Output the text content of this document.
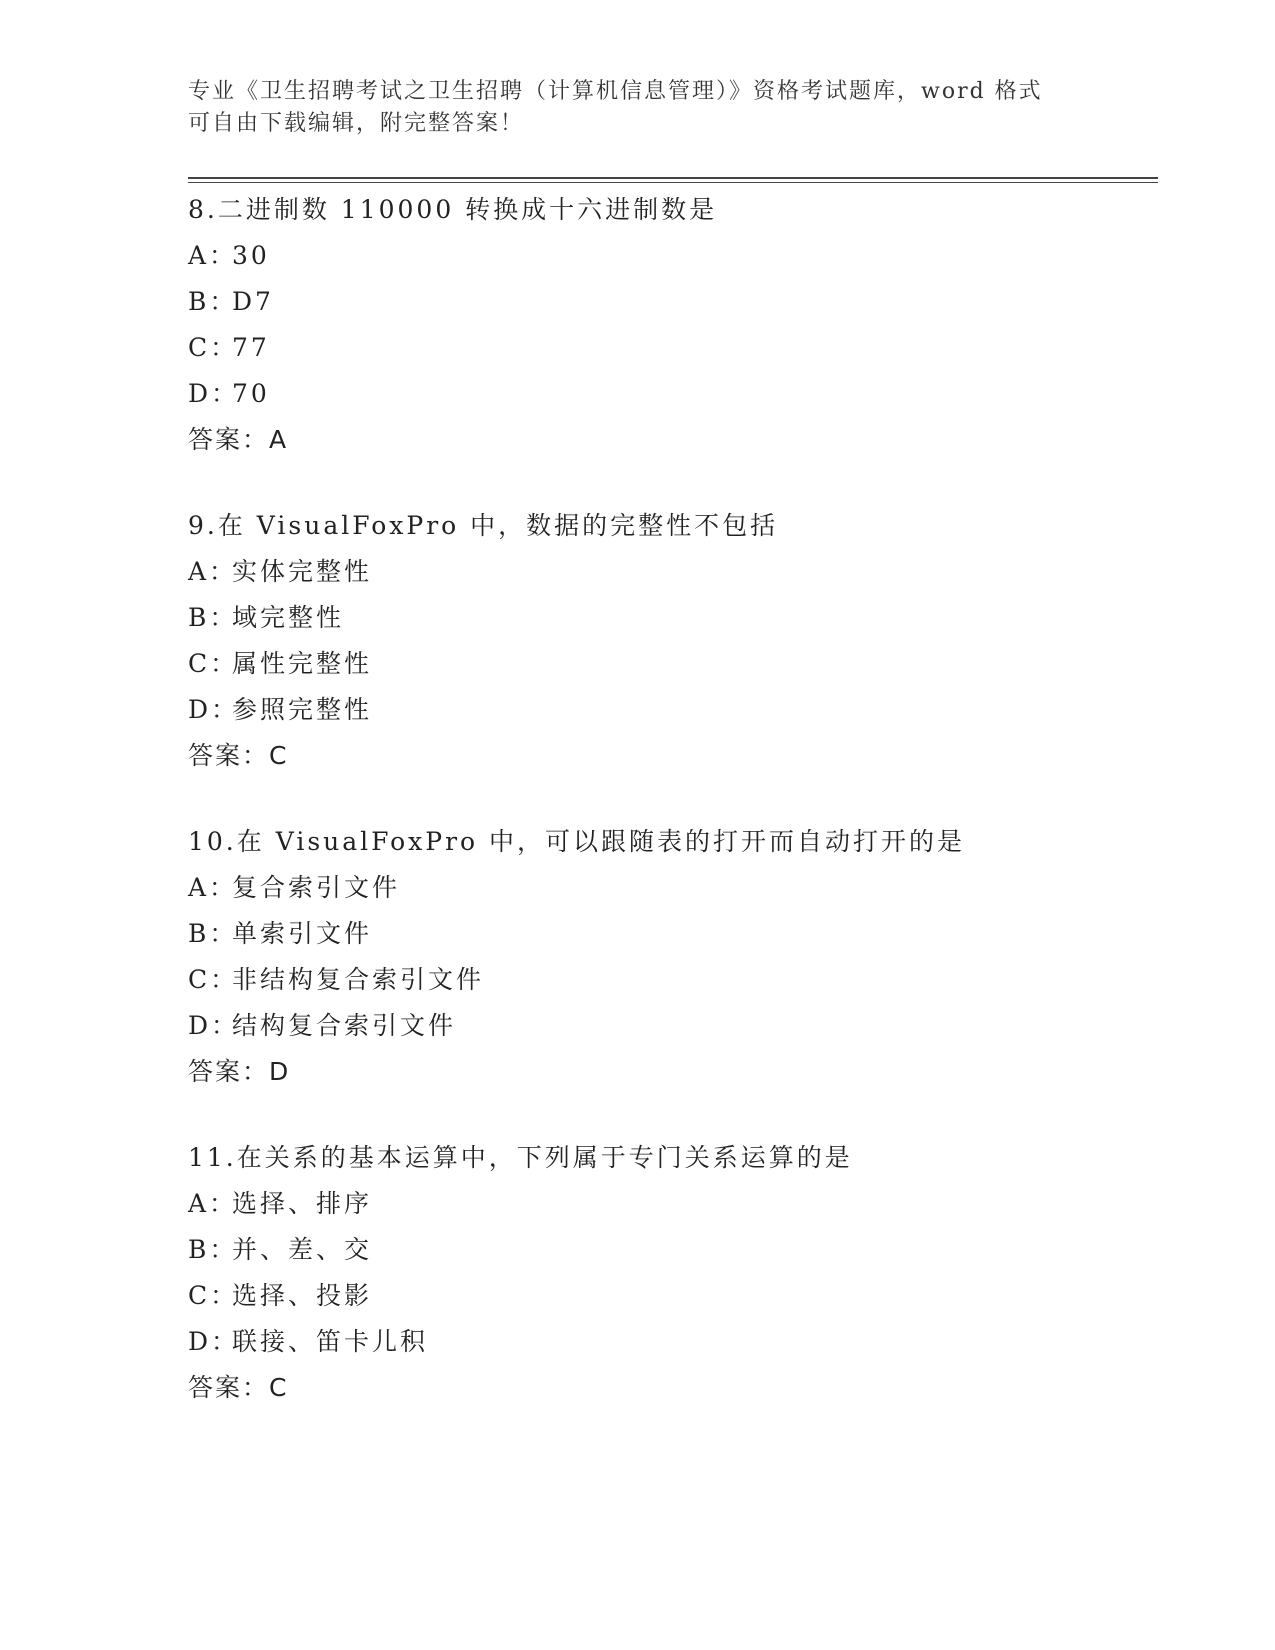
专业《卫生招聘考试之卫生招聘（计算机信息管理）》资格考试题库，word 格式
可自由下载编辑，附完整答案！
8.二进制数 110000 转换成十六进制数是
A：30
B：D7
C：77
D：70
答案：A
9.在 VisualFoxPro 中，数据的完整性不包括
A：实体完整性
B：域完整性
C：属性完整性
D：参照完整性
答案：C
10.在 VisualFoxPro 中，可以跟随表的打开而自动打开的是
A：复合索引文件
B：单索引文件
C：非结构复合索引文件
D：结构复合索引文件
答案：D
11.在关系的基本运算中，下列属于专门关系运算的是
A：选择、排序
B：并、差、交
C：选择、投影
D：联接、笛卡儿积
答案：C
